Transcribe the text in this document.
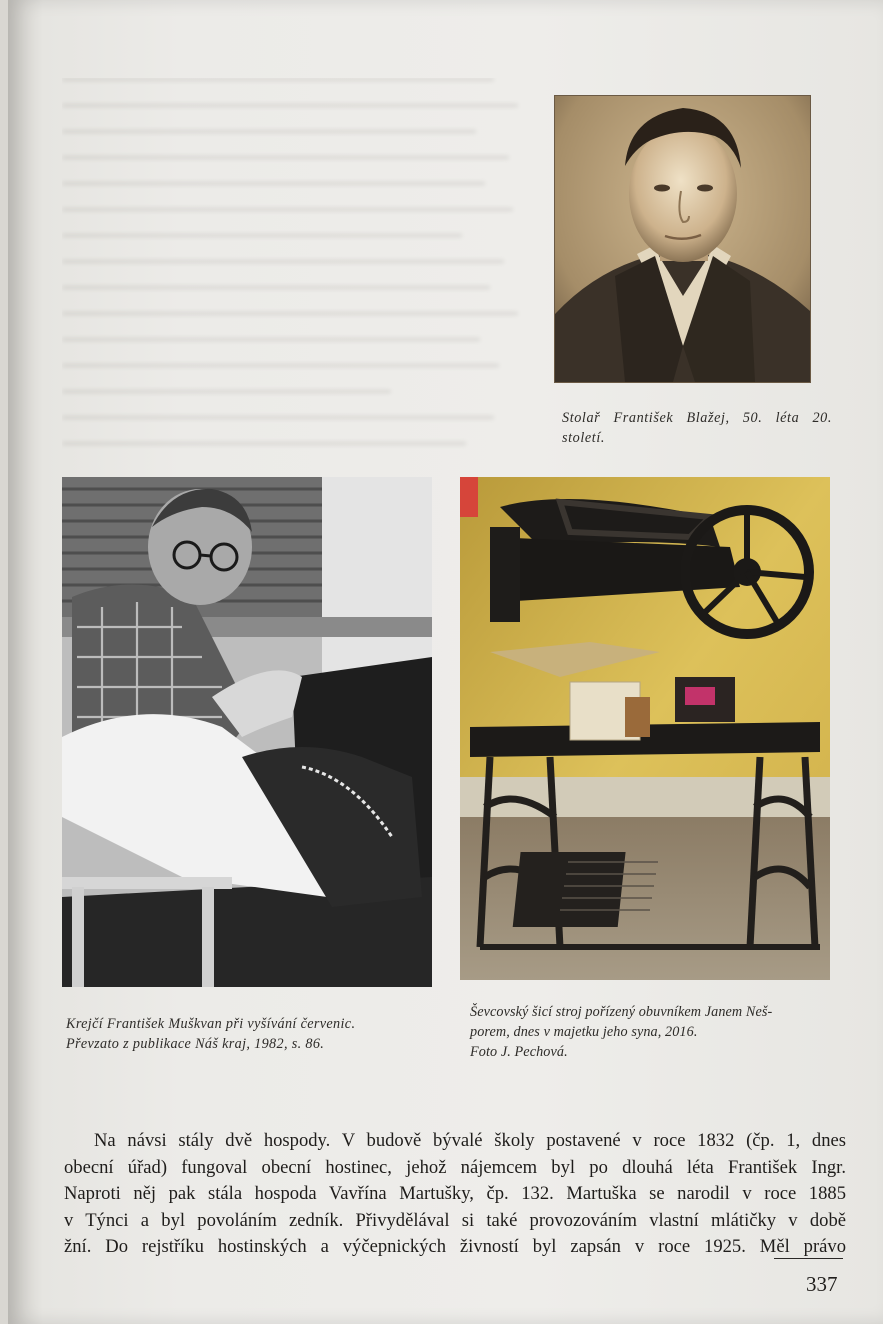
Stolař František Blažej, 50. léta 20.
století.

Krejčí František Muškvan při vyšívání červenic.
Převzato z publikace Náš kraj, 1982, s. 86.

Ševcovský šicí stroj pořízený obuvníkem Janem Neš-
porem, dnes v majetku jeho syna, 2016.
Foto J. Pechová.

Na návsi stály dvě hospody. V budově bývalé školy postavené v roce 1832 (čp. 1, dnes
obecní úřad) fungoval obecní hostinec, jehož nájemcem byl po dlouhá léta František Ingr.
Naproti něj pak stála hospoda Vavřína Martušky, čp. 132. Martuška se narodil v roce 1885
v Týnci a byl povoláním zedník. Přivydělával si také provozováním vlastní mlátičky v době
žní. Do rejstříku hostinských a výčepnických živností byl zapsán v roce 1925. Měl právo
337
